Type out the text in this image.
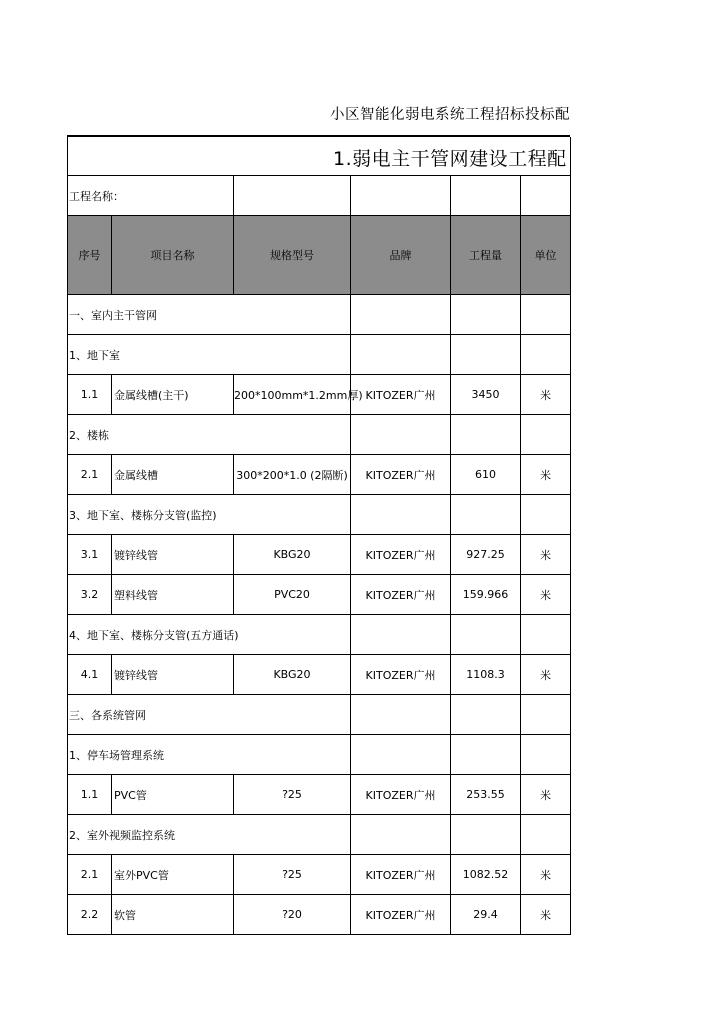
小区智能化弱电系统工程招标投标配
1.弱电主干管网建设工程配
工程名称：					
序号	项目名称	规格型号	品牌	工程量	单位
一、室内主干管网					
1、地下室					
1.1	金属线槽(主干)	200*100mm*1.2mm厚)	KITOZER广州	3450	米
2、楼栋					
2.1	金属线槽	300*200*1.0 (2隔断)	KITOZER广州	610	米
3、地下室、楼栋分支管(监控)					
3.1	镀锌线管	KBG20	KITOZER广州	927.25	米
3.2	塑料线管	PVC20	KITOZER广州	159.966	米
4、地下室、楼栋分支管(五方通话)					
4.1	镀锌线管	KBG20	KITOZER广州	1108.3	米
三、各系统管网					
1、停车场管理系统					
1.1	PVC管	?25	KITOZER广州	253.55	米
2、室外视频监控系统					
2.1	室外PVC管	?25	KITOZER广州	1082.52	米
2.2	软管	?20	KITOZER广州	29.4	米
